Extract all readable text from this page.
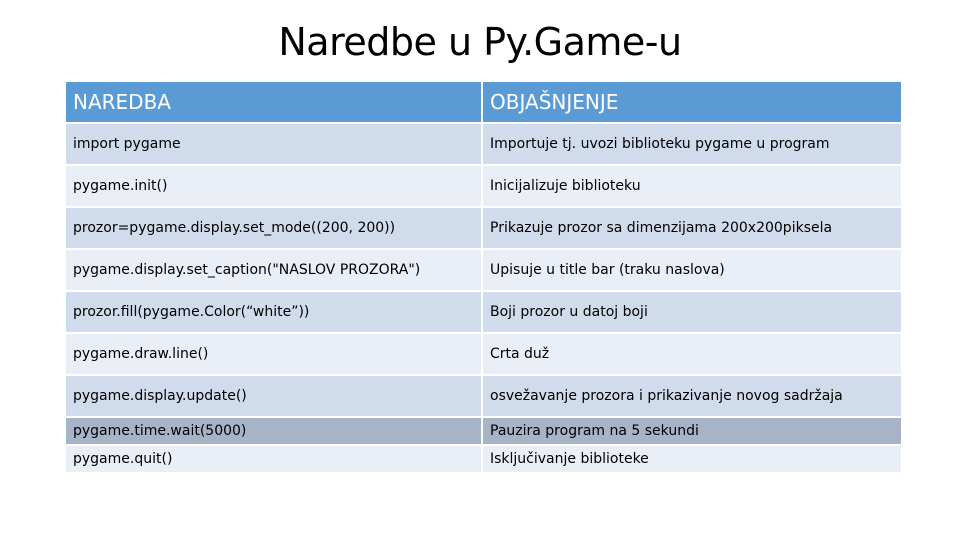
Naredbe u Py.Game-u
NAREDBA	OBJAŠNJENJE
import pygame	Importuje tj. uvozi biblioteku pygame u program
pygame.init()	Inicijalizuje biblioteku
prozor=pygame.display.set_mode((200, 200))	Prikazuje prozor sa dimenzijama 200x200piksela
pygame.display.set_caption("NASLOV PROZORA")	Upisuje u title bar (traku naslova)
prozor.fill(pygame.Color(“white”))	Boji prozor u datoj boji
pygame.draw.line()	Crta duž
pygame.display.update()	osvežavanje prozora i prikazivanje novog sadržaja
pygame.time.wait(5000)	Pauzira program na 5 sekundi
pygame.quit()	Isključivanje biblioteke
